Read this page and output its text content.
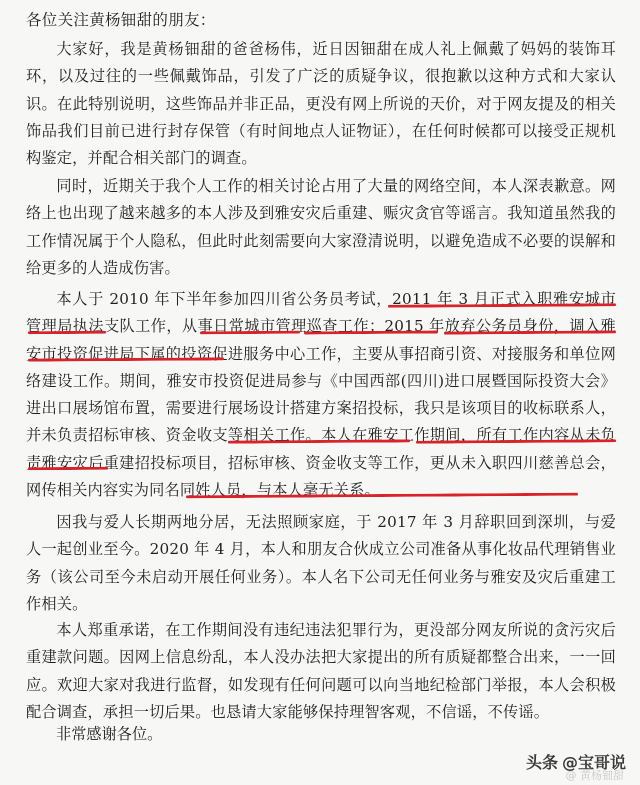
各位关注黄杨钿甜的朋友：
大家好，我是黄杨钿甜的爸爸杨伟，近日因钿甜在成人礼上佩戴了妈妈的装饰耳环，以及过往的一些佩戴饰品，引发了广泛的质疑争议，很抱歉以这种方式和大家认识。在此特别说明，这些饰品并非正品，更没有网上所说的天价，对于网友提及的相关饰品我们目前已进行封存保管（有时间地点人证物证），在任何时候都可以接受正规机构鉴定，并配合相关部门的调查。
同时，近期关于我个人工作的相关讨论占用了大量的网络空间，本人深表歉意。网络上也出现了越来越多的本人涉及到雅安灾后重建、赈灾贪官等谣言。我知道虽然我的工作情况属于个人隐私，但此时此刻需要向大家澄清说明，以避免造成不必要的误解和给更多的人造成伤害。
本人于 2010 年下半年参加四川省公务员考试，2011 年 3 月正式入职雅安城市管理局执法支队工作，从事日常城市管理巡查工作；2015 年放弃公务员身份，调入雅安市投资促进局下属的投资促进服务中心工作，主要从事招商引资、对接服务和单位网络建设工作。期间，雅安市投资促进局参与《中国西部(四川)进口展暨国际投资大会》进出口展场馆布置，需要进行展场设计搭建方案招投标，我只是该项目的收标联系人，并未负责招标审核、资金收支等相关工作。本人在雅安工作期间，所有工作内容从未负责雅安灾后重建招投标项目，招标审核、资金收支等工作，更从未入职四川慈善总会，网传相关内容实为同名同姓人员，与本人毫无关系。
因我与爱人长期两地分居，无法照顾家庭，于 2017 年 3 月辞职回到深圳，与爱人一起创业至今。2020 年 4 月，本人和朋友合伙成立公司准备从事化妆品代理销售业务（该公司至今未启动开展任何业务）。本人名下公司无任何业务与雅安及灾后重建工作相关。
本人郑重承诺，在工作期间没有违纪违法犯罪行为，更没部分网友所说的贪污灾后重建款问题。因网上信息纷乱，本人没办法把大家提出的所有质疑都整合出来，一一回应。欢迎大家对我进行监督，如发现有任何问题可以向当地纪检部门举报，本人会积极配合调查，承担一切后果。也恳请大家能够保持理智客观，不信谣，不传谣。
非常感谢各位。
头条 @宝哥说
@ 黄杨钿甜
